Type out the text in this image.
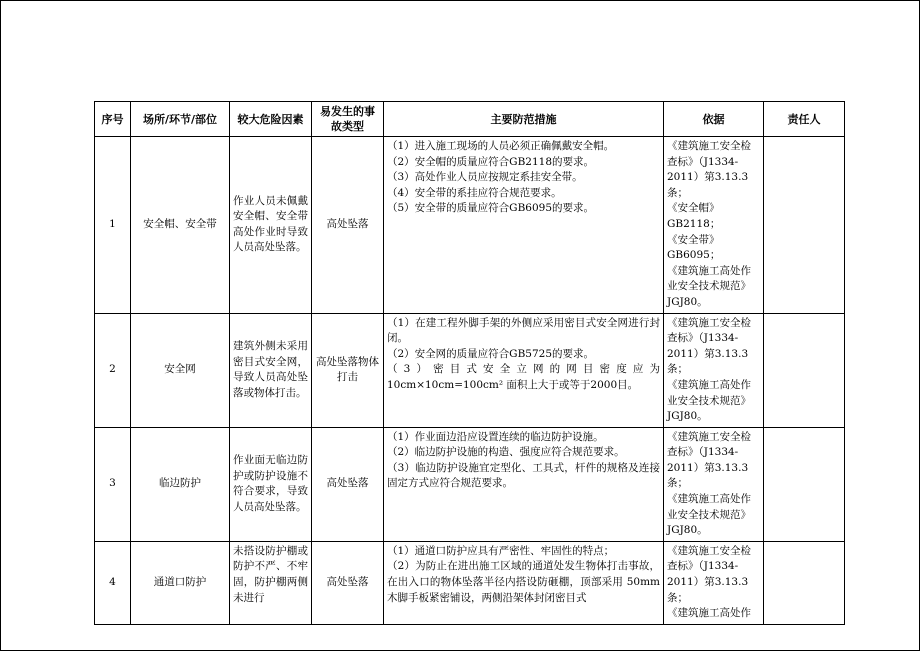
序号	场所/环节/部位	较大危险因素	易发生的事故类型	主要防范措施	依据	责任人
1	安全帽、安全带	作业人员未佩戴安全帽、安全带高处作业时导致人员高处坠落。	高处坠落	（1）进入施工现场的人员必须正确佩戴安全帽。
（2）安全帽的质量应符合GB2118的要求。
（3）高处作业人员应按规定系挂安全带。
（4）安全带的系挂应符合规范要求。
（5）安全带的质量应符合GB6095的要求。	《建筑施工安全检查标》（J1334-2011）第3.13.3条；
《安全帽》GB2118；
《安全带》GB6095；
《建筑施工高处作业安全技术规范》JGJ80。	

2	安全网	建筑外侧未采用密目式安全网，导致人员高处坠落或物体打击。	高处坠落物体打击	（1）在建工程外脚手架的外侧应采用密目式安全网进行封闭。
（2）安全网的质量应符合GB5725的要求。
（3）密目式安全立网的网目密度应为10cm×10cm=100cm² 面积上大于或等于2000目。	《建筑施工安全检查标》（J1334-2011）第3.13.3条；
《建筑施工高处作业安全技术规范》JGJ80。	

3	临边防护	作业面无临边防护或防护设施不符合要求，导致人员高处坠落。	高处坠落	（1）作业面边沿应设置连续的临边防护设施。
（2）临边防护设施的构造、强度应符合规范要求。
（3）临边防护设施宜定型化、工具式，杆件的规格及连接固定方式应符合规范要求。	《建筑施工安全检查标》（J1334-2011）第3.13.3条；
《建筑施工高处作业安全技术规范》JGJ80。	

4	通道口防护	未搭设防护棚或防护不严、不牢固，防护棚两侧未进行	高处坠落	（1）通道口防护应具有严密性、牢固性的特点；
（2）为防止在进出施工区域的通道处发生物体打击事故，在出入口的物体坠落半径内搭设防砸棚，顶部采用 50mm 木脚手板紧密铺设，两侧沿架体封闭密目式	《建筑施工安全检查标》（J1334-2011）第3.13.3条；
《建筑施工高处作	
